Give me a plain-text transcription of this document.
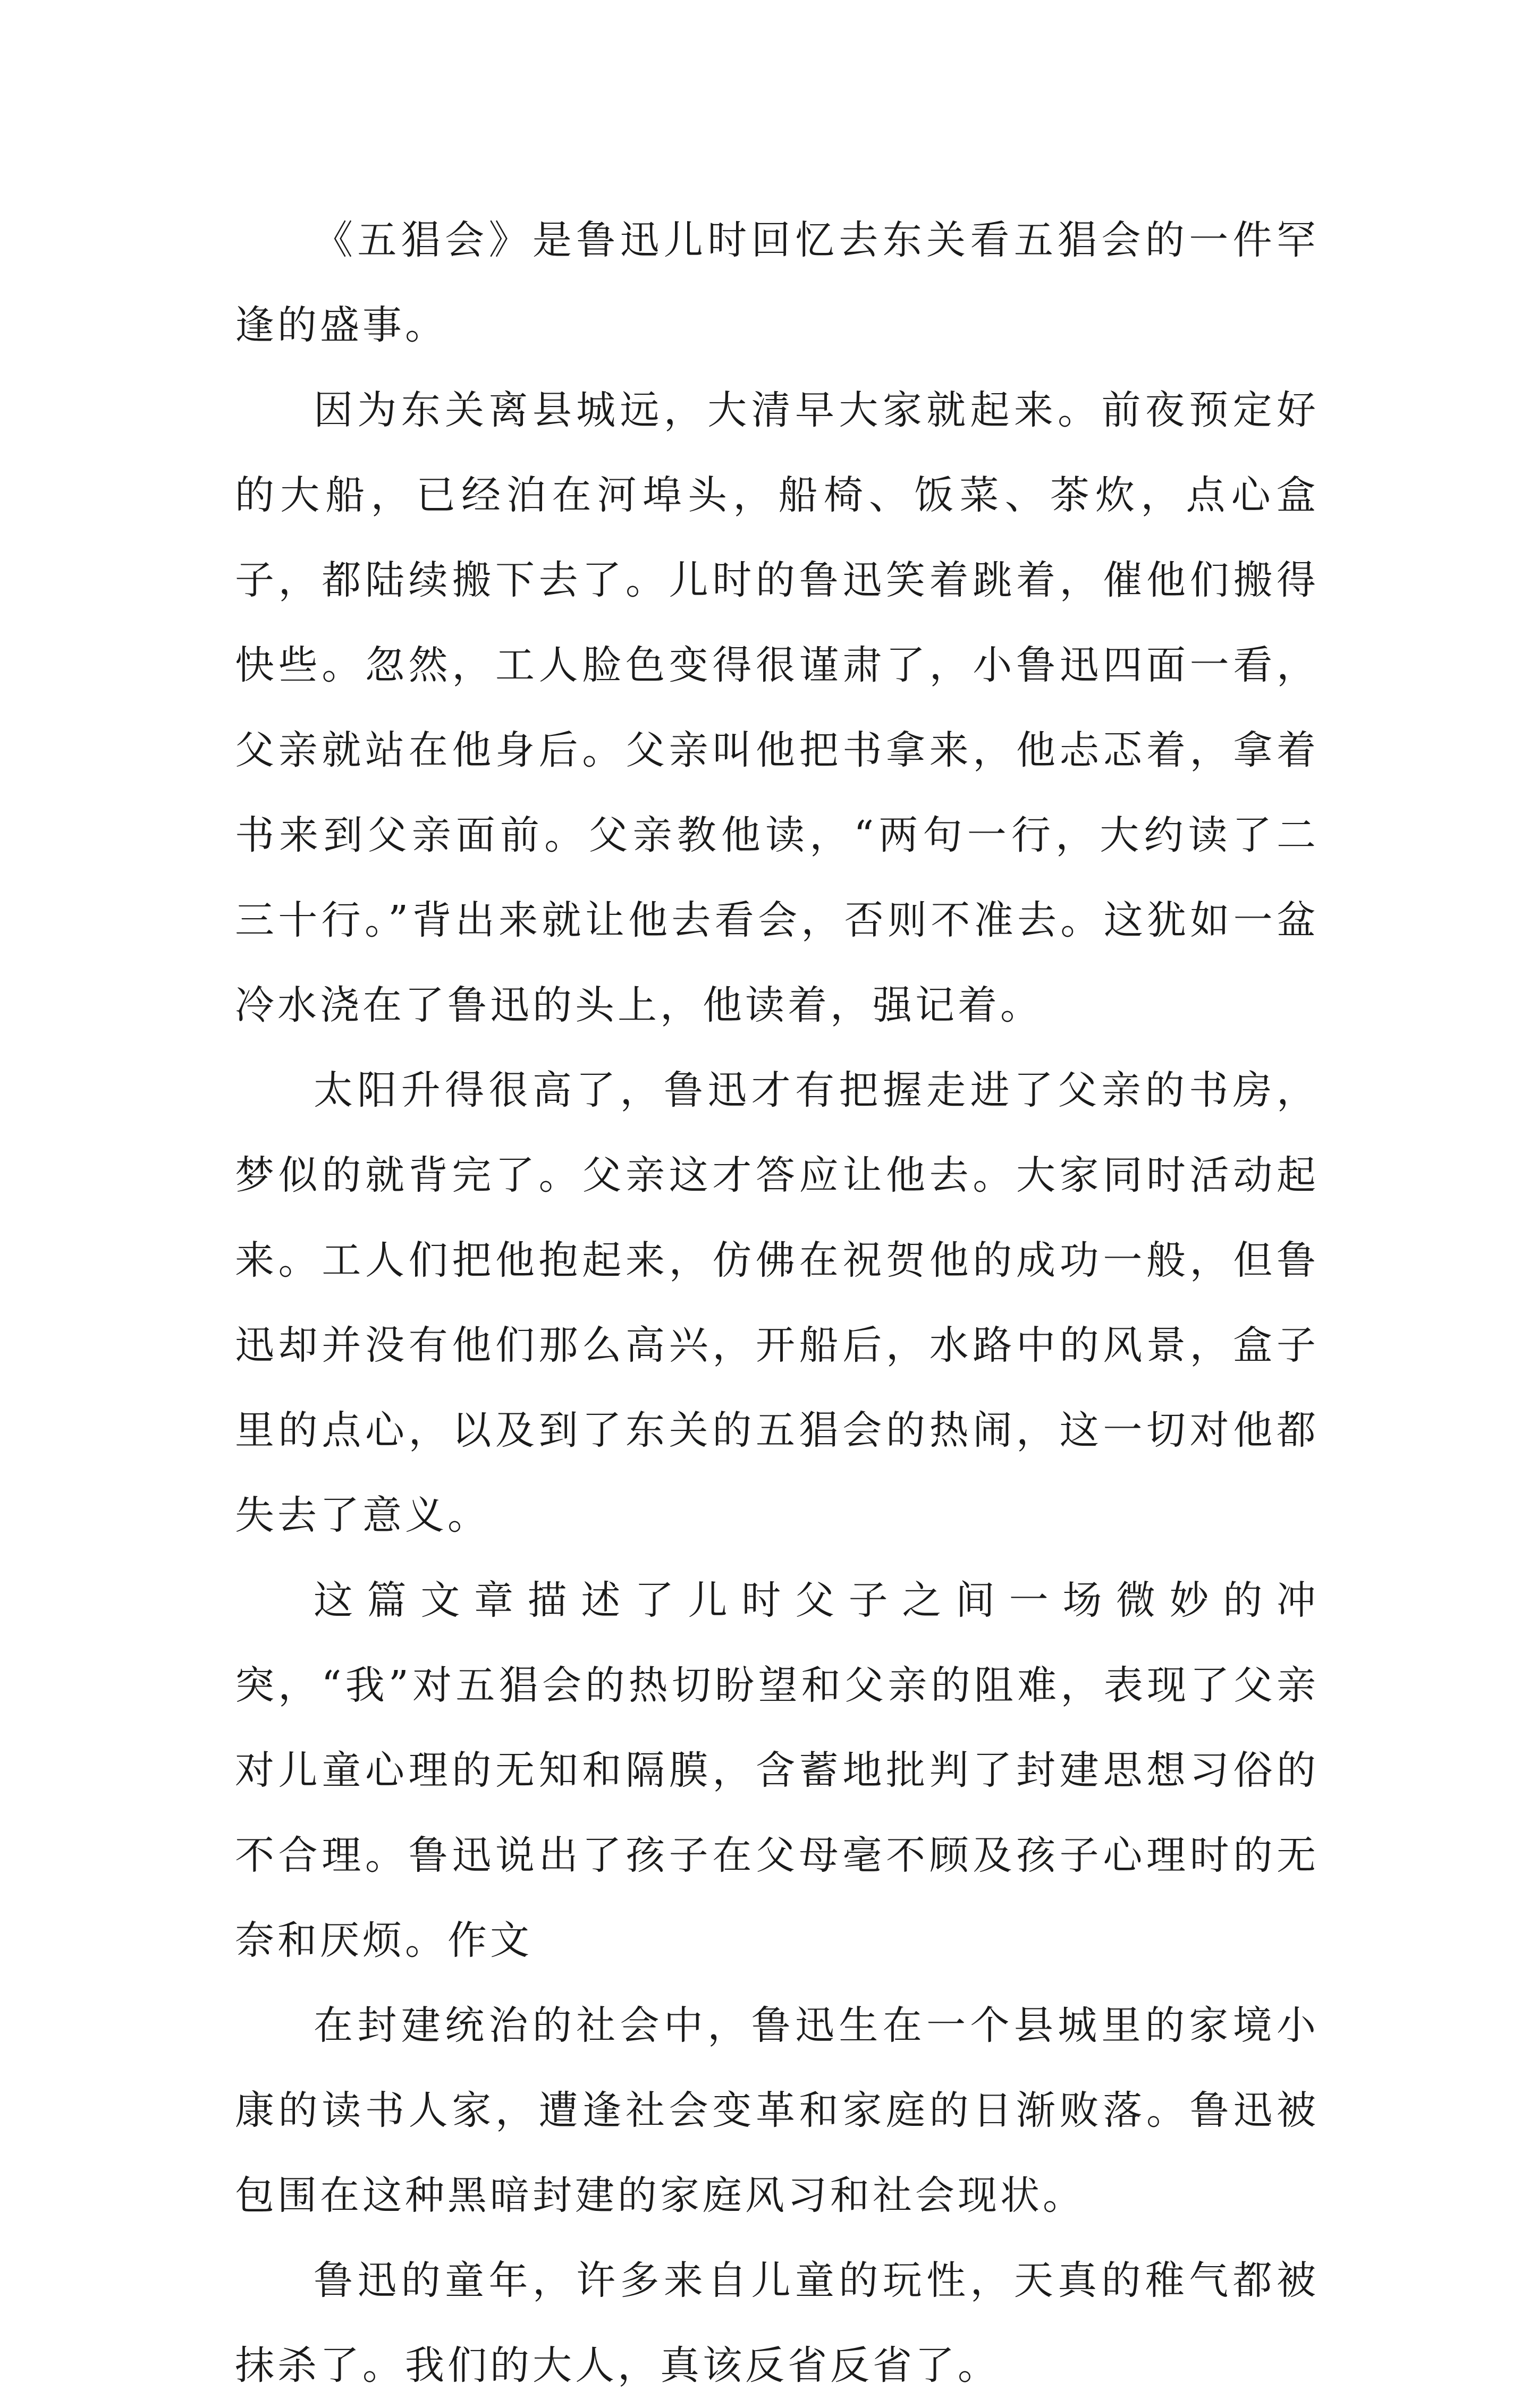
《五猖会》是鲁迅儿时回忆去东关看五猖会的一件罕逢的盛事。

因为东关离县城远，大清早大家就起来。前夜预定好的大船，已经泊在河埠头，船椅、饭菜、茶炊，点心盒子，都陆续搬下去了。儿时的鲁迅笑着跳着，催他们搬得快些。忽然，工人脸色变得很谨肃了，小鲁迅四面一看，父亲就站在他身后。父亲叫他把书拿来，他忐忑着，拿着书来到父亲面前。父亲教他读，“两句一行，大约读了二三十行。”背出来就让他去看会，否则不准去。这犹如一盆冷水浇在了鲁迅的头上，他读着，强记着。

太阳升得很高了，鲁迅才有把握走进了父亲的书房，梦似的就背完了。父亲这才答应让他去。大家同时活动起来。工人们把他抱起来，仿佛在祝贺他的成功一般，但鲁迅却并没有他们那么高兴，开船后，水路中的风景，盒子里的点心，以及到了东关的五猖会的热闹，这一切对他都失去了意义。

这篇文章描述了儿时父子之间一场微妙的冲突，“我”对五猖会的热切盼望和父亲的阻难，表现了父亲对儿童心理的无知和隔膜，含蓄地批判了封建思想习俗的不合理。鲁迅说出了孩子在父母毫不顾及孩子心理时的无奈和厌烦。作文

在封建统治的社会中，鲁迅生在一个县城里的家境小康的读书人家，遭逢社会变革和家庭的日渐败落。鲁迅被包围在这种黑暗封建的家庭风习和社会现状。

鲁迅的童年，许多来自儿童的玩性，天真的稚气都被抹杀了。我们的大人，真该反省反省了。
